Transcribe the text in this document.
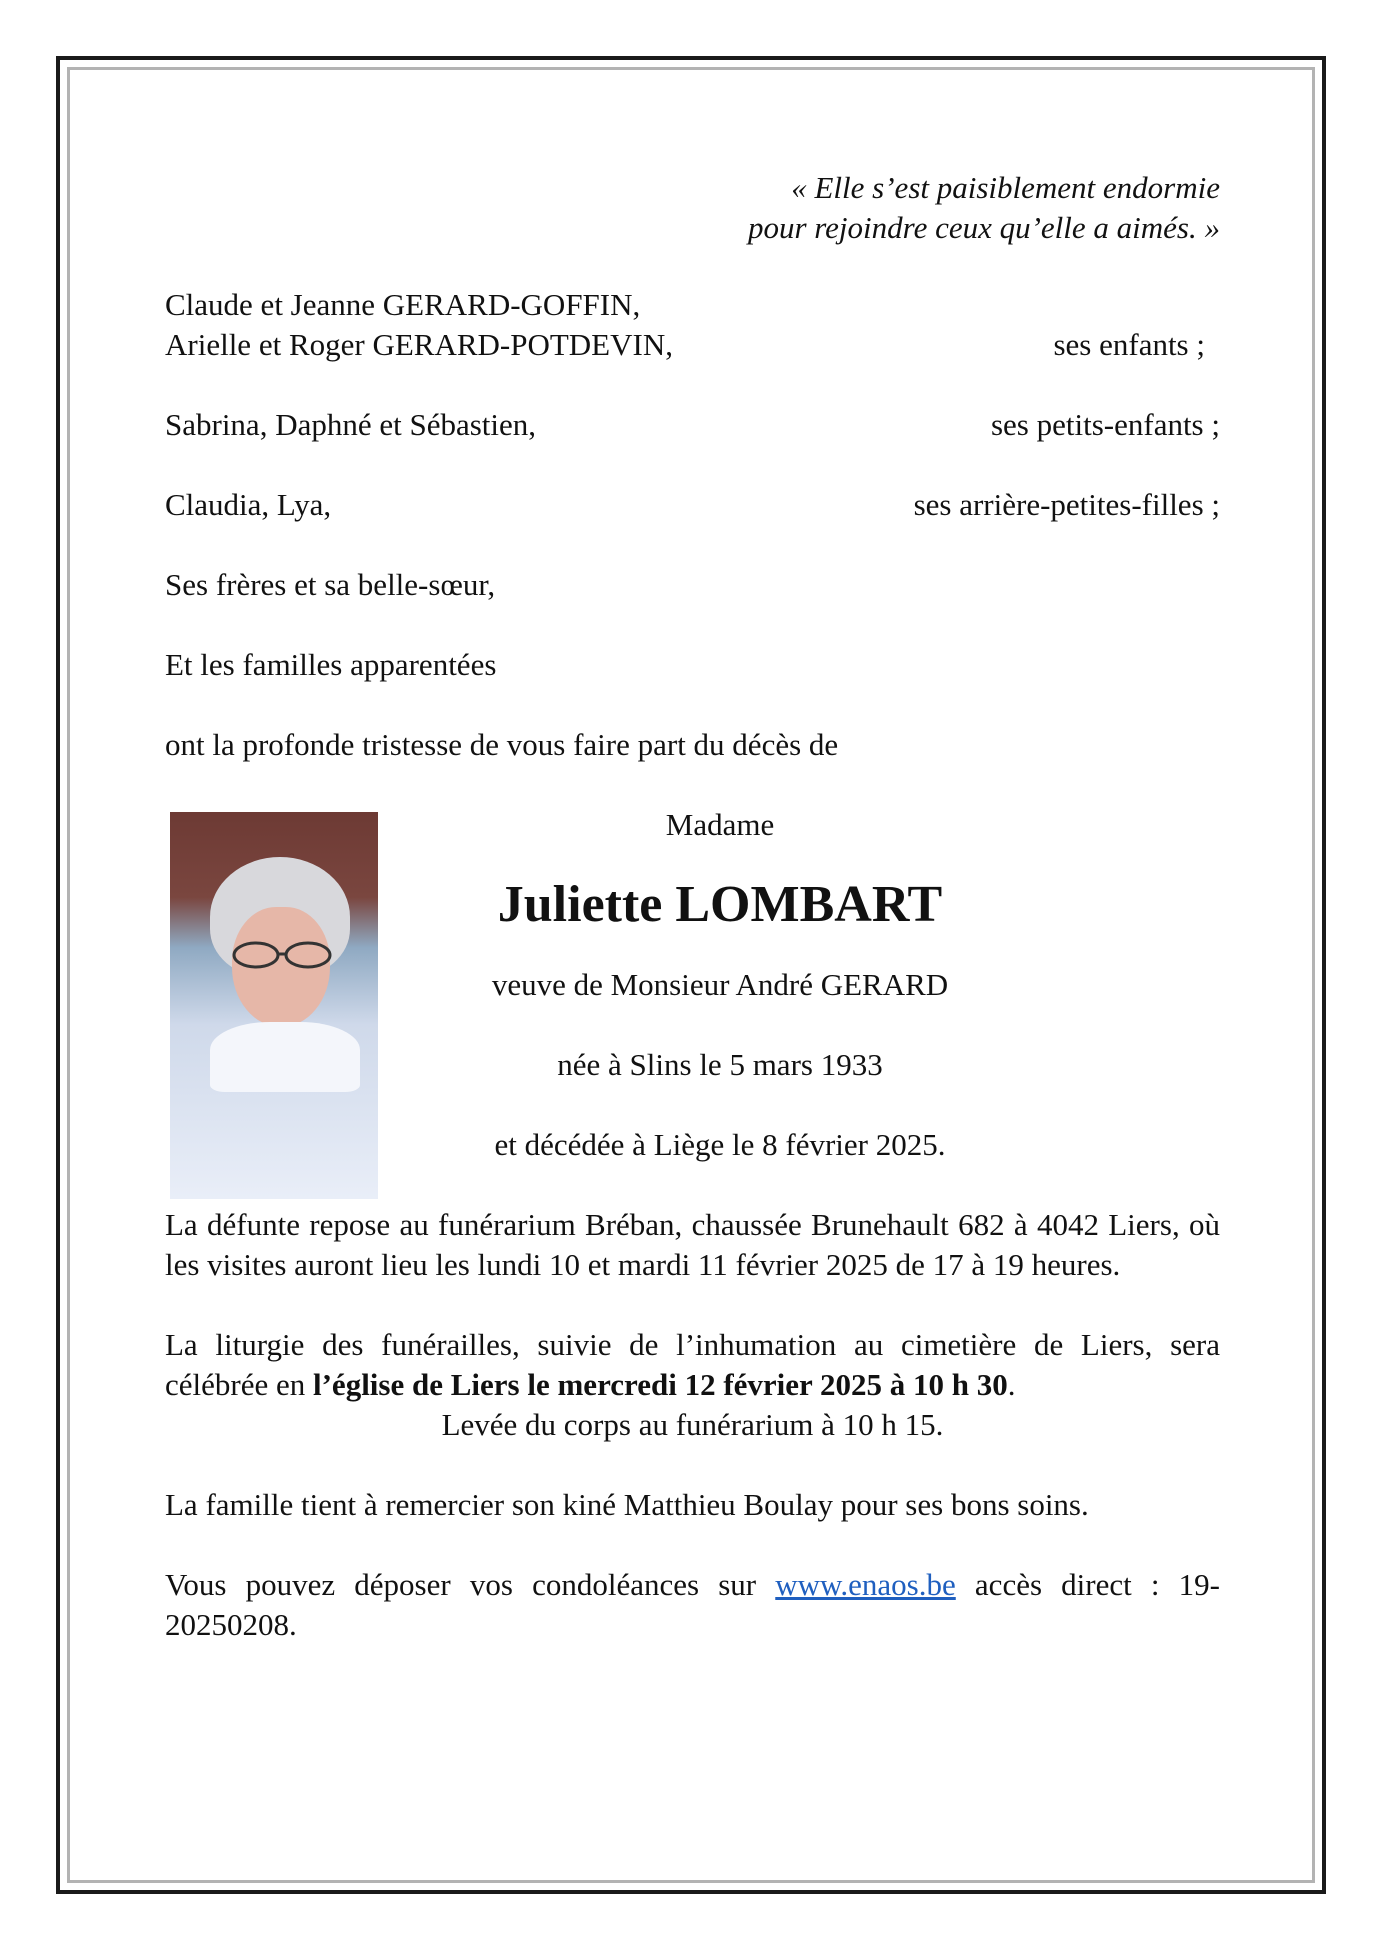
« Elle s’est paisiblement endormie
pour rejoindre ceux qu’elle a aimés. »
Claude et Jeanne GERARD-GOFFIN,
Arielle et Roger GERARD-POTDEVIN,	ses enfants ;
Sabrina, Daphné et Sébastien,	ses petits-enfants ;
Claudia, Lya,	ses arrière-petites-filles ;
Ses frères et sa belle-sœur,
Et les familles apparentées
ont la profonde tristesse de vous faire part du décès de
Madame
Juliette LOMBART
veuve de Monsieur André GERARD
née à Slins le 5 mars 1933
et décédée à Liège le 8 février 2025.
La défunte repose au funérarium Bréban, chaussée Brunehault 682 à 4042 Liers, où les visites auront lieu les lundi 10 et mardi 11 février 2025 de 17 à 19 heures.
La liturgie des funérailles, suivie de l’inhumation au cimetière de Liers, sera célébrée en l’église de Liers le mercredi 12 février 2025 à 10 h 30.
Levée du corps au funérarium à 10 h 15.
La famille tient à remercier son kiné Matthieu Boulay pour ses bons soins.
Vous pouvez déposer vos condoléances sur www.enaos.be accès direct : 19-20250208.
